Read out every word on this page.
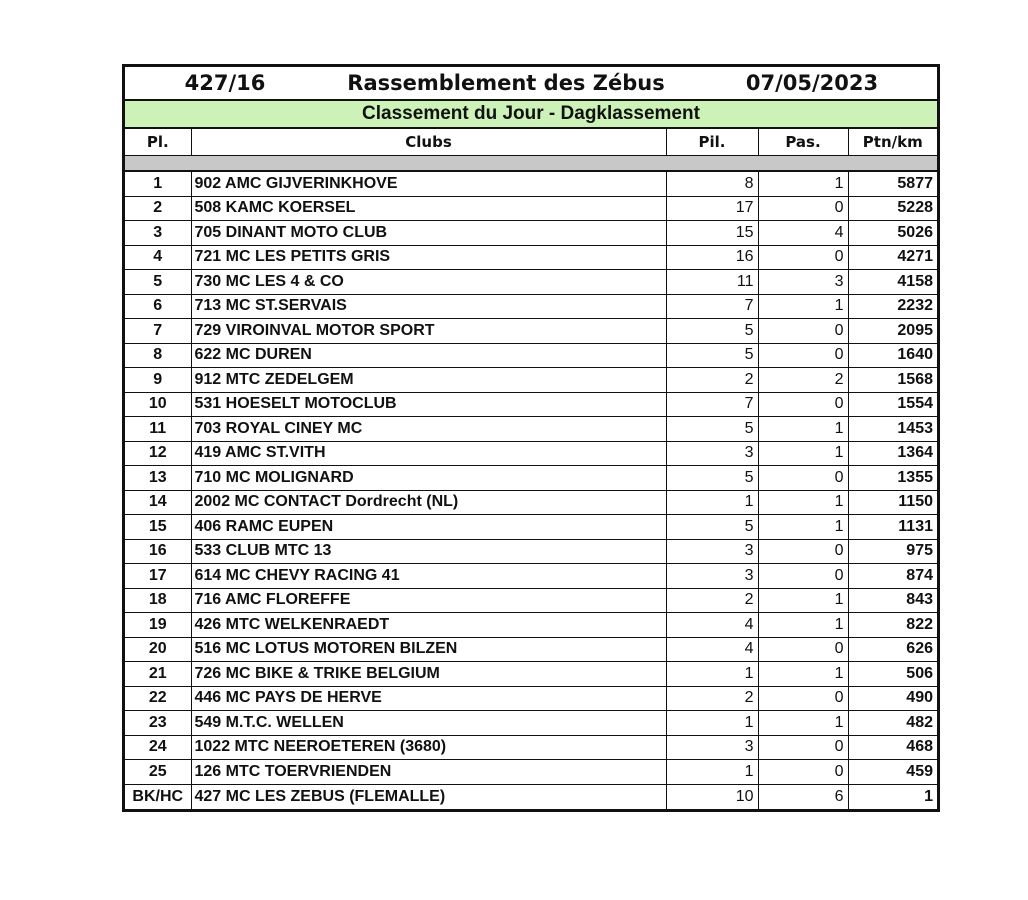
427/16	Rassemblement des Zébus	07/05/2023
Classement du Jour - Dagklassement
Pl.	Clubs	Pil.	Pas.	Ptn/km
1	902 AMC GIJVERINKHOVE	8	1	5877
2	508 KAMC KOERSEL	17	0	5228
3	705 DINANT MOTO CLUB	15	4	5026
4	721 MC LES PETITS GRIS	16	0	4271
5	730 MC LES 4 & CO	11	3	4158
6	713 MC ST.SERVAIS	7	1	2232
7	729 VIROINVAL MOTOR SPORT	5	0	2095
8	622 MC DUREN	5	0	1640
9	912 MTC ZEDELGEM	2	2	1568
10	531 HOESELT MOTOCLUB	7	0	1554
11	703 ROYAL CINEY MC	5	1	1453
12	419 AMC ST.VITH	3	1	1364
13	710 MC MOLIGNARD	5	0	1355
14	2002 MC CONTACT Dordrecht (NL)	1	1	1150
15	406 RAMC EUPEN	5	1	1131
16	533 CLUB MTC 13	3	0	975
17	614 MC CHEVY RACING 41	3	0	874
18	716 AMC FLOREFFE	2	1	843
19	426 MTC WELKENRAEDT	4	1	822
20	516 MC LOTUS MOTOREN BILZEN	4	0	626
21	726 MC BIKE & TRIKE BELGIUM	1	1	506
22	446 MC PAYS DE HERVE	2	0	490
23	549 M.T.C. WELLEN	1	1	482
24	1022 MTC NEEROETEREN (3680)	3	0	468
25	126 MTC TOERVRIENDEN	1	0	459
BK/HC	427 MC LES ZEBUS (FLEMALLE)	10	6	1
